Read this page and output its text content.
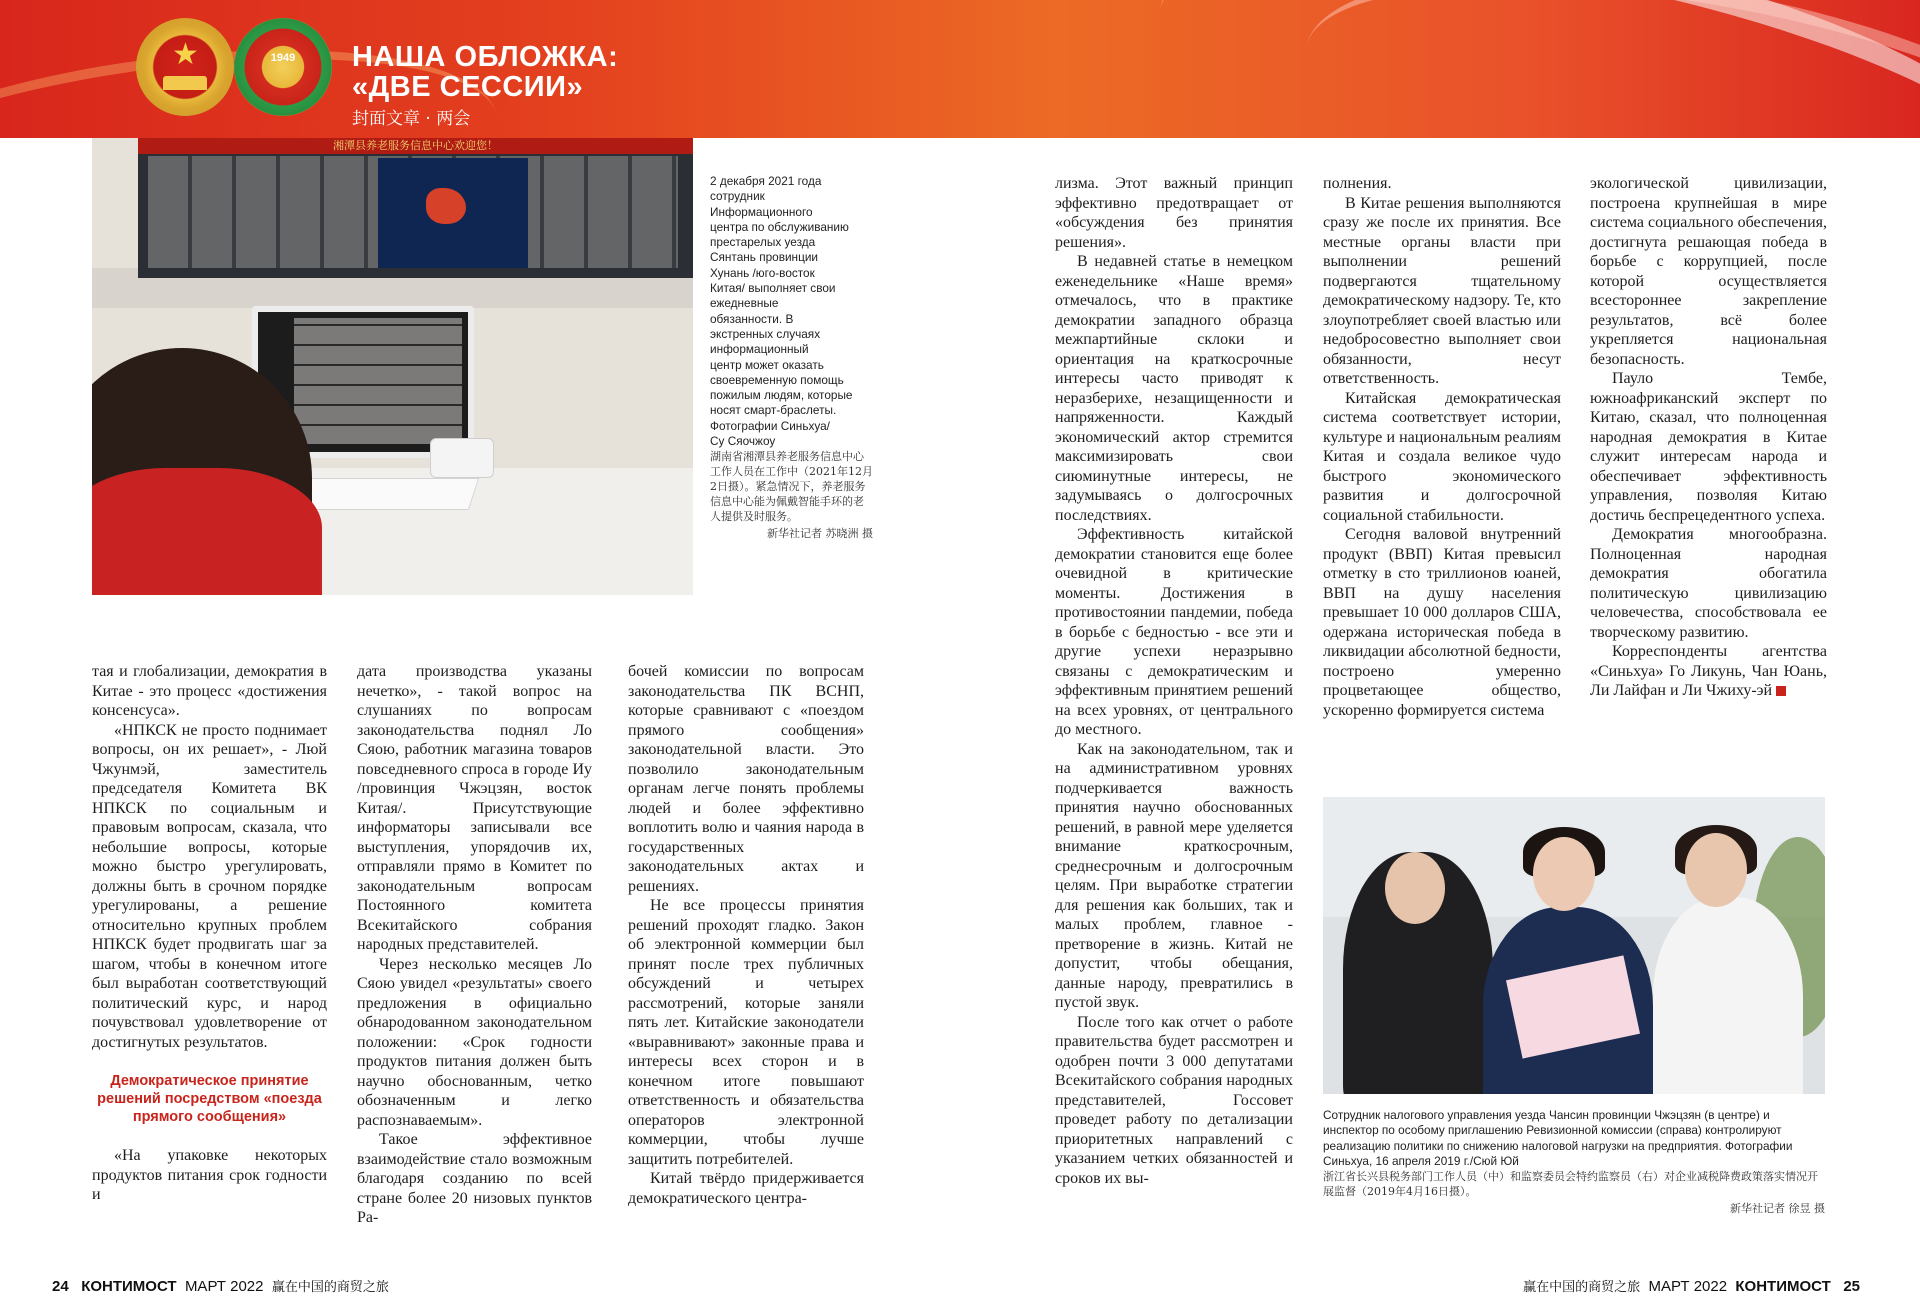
★	1949	НАША ОБЛОЖКА:
«ДВЕ СЕССИИ»
封面文章 · 两会
湘潭县养老服务信息中心欢迎您！
2 декабря 2021 года
сотрудник
Информационного
центра по обслуживанию
престарелых уезда
Сянтань провинции
Хунань /юго-восток
Китая/ выполняет свои
ежедневные
обязанности. В
экстренных случаях
информационный
центр может оказать
своевременную помощь
пожилым людям, которые
носят смарт-браслеты.
Фотографии Синьхуа/
Су Сяочжоу
湖南省湘潭县养老服务信息中心工作人员在工作中（2021年12月2日摄）。紧急情况下，养老服务信息中心能为佩戴智能手环的老人提供及时服务。
新华社记者 苏晓洲 摄

тая и глобализации, демократия в Китае - это процесс «достижения консенсуса».

«НПКСК не просто поднимает вопросы, он их решает», - Люй Чжунмэй, заместитель председателя Комитета ВК НПКСК по социальным и правовым вопросам, сказала, что небольшие вопросы, которые можно быстро урегулировать, должны быть в срочном порядке урегулированы, а решение относительно крупных проблем НПКСК будет продвигать шаг за шагом, чтобы в конечном итоге был выработан соответствующий политический курс, и народ почувствовал удовлетворение от достигнутых результатов.

Демократическое принятие решений посредством «поезда прямого сообщения»

«На упаковке некоторых продуктов питания срок годности и

дата производства указаны нечетко», - такой вопрос на слушаниях по вопросам законодательства поднял Ло Сяою, работник магазина товаров повседневного спроса в городе Иу /провинция Чжэцзян, восток Китая/. Присутствующие информаторы записывали все выступления, упорядочив их, отправляли прямо в Комитет по законодательным вопросам Постоянного комитета Всекитайского собрания народных представителей.

Через несколько месяцев Ло Сяою увидел «результаты» своего предложения в официально обнародованном законодательном положении: «Срок годности продуктов питания должен быть научно обоснованным, четко обозначенным и легко распознаваемым».

Такое эффективное взаимодействие стало возможным благодаря созданию по всей стране более 20 низовых пунктов Ра-

бочей комиссии по вопросам законодательства ПК ВСНП, которые сравнивают с «поездом прямого сообщения» законодательной власти. Это позволило законодательным органам легче понять проблемы людей и более эффективно воплотить волю и чаяния народа в государственных законодательных актах и решениях.

Не все процессы принятия решений проходят гладко. Закон об электронной коммерции был принят после трех публичных обсуждений и четырех рассмотрений, которые заняли пять лет. Китайские законодатели «выравнивают» законные права и интересы всех сторон и в конечном итоге повышают ответственность и обязательства операторов электронной коммерции, чтобы лучше защитить потребителей.

Китай твёрдо придерживается демократического центра-

лизма. Этот важный принцип эффективно предотвращает от «обсуждения без принятия решения».

В недавней статье в немецком еженедельнике «Наше время» отмечалось, что в практике демократии западного образца межпартийные склоки и ориентация на краткосрочные интересы часто приводят к неразберихе, незащищенности и напряженности. Каждый экономический актор стремится максимизировать свои сиюминутные интересы, не задумываясь о долгосрочных последствиях.

Эффективность китайской демократии становится еще более очевидной в критические моменты. Достижения в противостоянии пандемии, победа в борьбе с бедностью - все эти и другие успехи неразрывно связаны с демократическим и эффективным принятием решений на всех уровнях, от центрального до местного.

Как на законодательном, так и на административном уровнях подчеркивается важность принятия научно обоснованных решений, в равной мере уделяется внимание краткосрочным, среднесрочным и долгосрочным целям. При выработке стратегии для решения как больших, так и малых проблем, главное - претворение в жизнь. Китай не допустит, чтобы обещания, данные народу, превратились в пустой звук.

После того как отчет о работе правительства будет рассмотрен и одобрен почти 3 000 депутатами Всекитайского собрания народных представителей, Госсовет проведет работу по детализации приоритетных направлений с указанием четких обязанностей и сроков их вы-

полнения.

В Китае решения выполняются сразу же после их принятия. Все местные органы власти при выполнении решений подвергаются тщательному демократическому надзору. Те, кто злоупотребляет своей властью или недобросовестно выполняет свои обязанности, несут ответственность.

Китайская демократическая система соответствует истории, культуре и национальным реалиям Китая и создала великое чудо быстрого экономического развития и долгосрочной социальной стабильности.

Сегодня валовой внутренний продукт (ВВП) Китая превысил отметку в сто триллионов юаней, ВВП на душу населения превышает 10 000 долларов США, одержана историческая победа в ликвидации абсолютной бедности, построено умеренно процветающее общество, ускоренно формируется система

экологической цивилизации, построена крупнейшая в мире система социального обеспечения, достигнута решающая победа в борьбе с коррупцией, после которой осуществляется всестороннее закрепление результатов, всё более укрепляется национальная безопасность.

Пауло Тембе, южноафриканский эксперт по Китаю, сказал, что полноценная народная демократия в Китае служит интересам народа и обеспечивает эффективность управления, позволяя Китаю достичь беспрецедентного успеха.

Демократия многообразна. Полноценная народная демократия обогатила политическую цивилизацию человечества, способствовала ее творческому развитию.

Корреспонденты агентства «Синьхуа» Го Ликунь, Чан Юань, Ли Лайфан и Ли Чжиху-эй

Сотрудник налогового управления уезда Чансин провинции Чжэцзян (в центре) и инспектор по особому приглашению Ревизионной комиссии (справа) контролируют реализацию политики по снижению налоговой нагрузки на предприятия. Фотографии Синьхуа, 16 апреля 2019 г./Сюй Юй
浙江省长兴县税务部门工作人员（中）和监察委员会特约监察员（右）对企业减税降费政策落实情况开展监督（2019年4月16日摄）。
新华社记者 徐昱 摄
24 КОНТИМОСТ МАРТ 2022 赢在中国的商贸之旅	赢在中国的商贸之旅 МАРТ 2022 КОНТИМОСТ 25
